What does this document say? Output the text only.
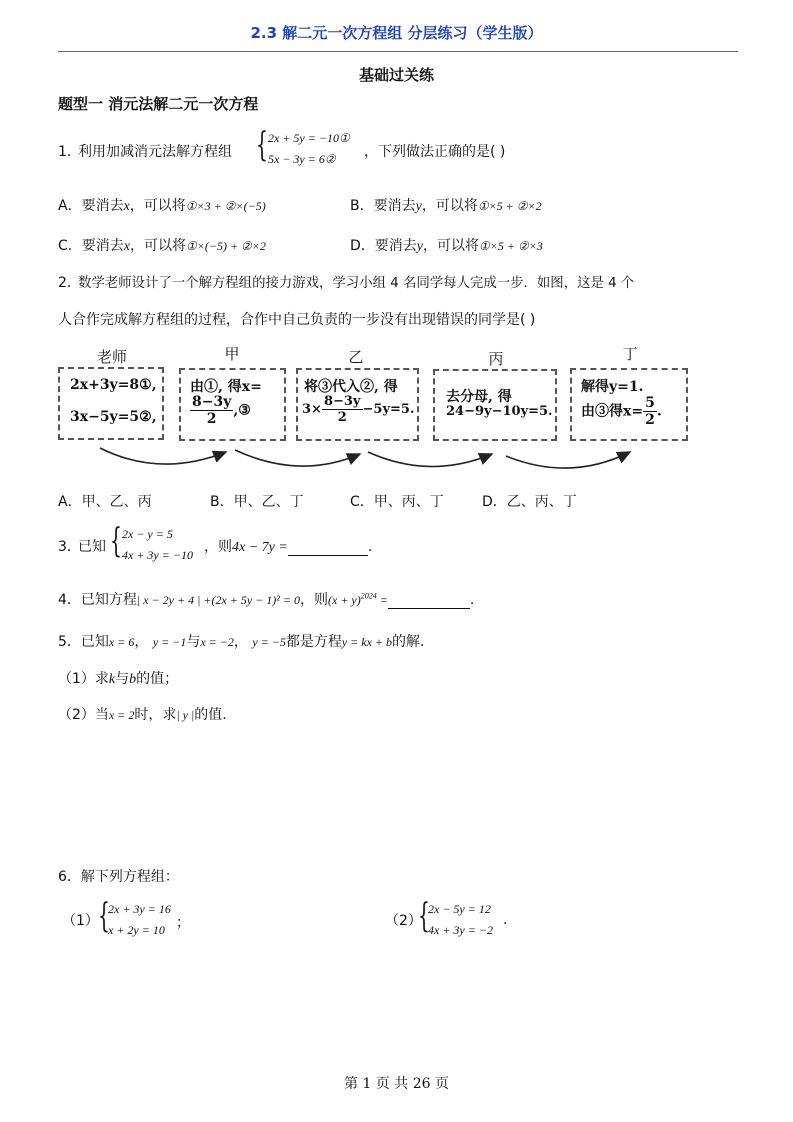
2.3 解二元一次方程组 分层练习（学生版）
基础过关练
题型一 消元法解二元一次方程
1．
利用加减消元法解方程组 { 2x + 5y = −10①
5x − 3y = 6② ，下列做法正确的是( )
A．要消去x，可以将①×3 + ②×(−5)	B．要消去y，可以将①×5 + ②×2
C．要消去x，可以将①×(−5) + ②×2	D．要消去y，可以将①×5 + ②×3
2．
数学老师设计了一个解方程组的接力游戏，学习小组 4 名同学每人完成一步．如图，这是 4 个
人合作完成解方程组的过程，合作中自己负责的一步没有出现错误的同学是( )
老师	甲	乙	丙	丁
2x+3y=8①,
3x−5y=5②,
由①, 得x=
$\frac{8-3y}{2}$ ,③
将③代入②, 得
$3\times \frac{8-3y}{2} -5y=5$.
去分母, 得
24−9y−10y=5.
解得y=1.
由③得$x= \frac{5}{2}$ .
A．甲、乙、丙	B．甲、乙、丁	C．甲、丙、丁	D．乙、丙、丁
3．
已知 { 2x − y = 5
4x + 3y = −10 ，则4x − 7y =	.
4．已知方程| x − 2y + 4 | +(2x + 5y − 1)² = 0，则$(x + y)^{2024}$ =	.
5．已知x = 6， y = −1与x = −2， y = −5都是方程y = kx + b的解.
（1）求k与b的值；
（2）当x = 2时，求| y |的值.
6．解下列方程组：
（1） {
2x + 3y = 16
x + 2y = 10 ；	（2）
{
2x − 5y = 12
4x + 3y = −2
.
第 1 页 共 26 页
